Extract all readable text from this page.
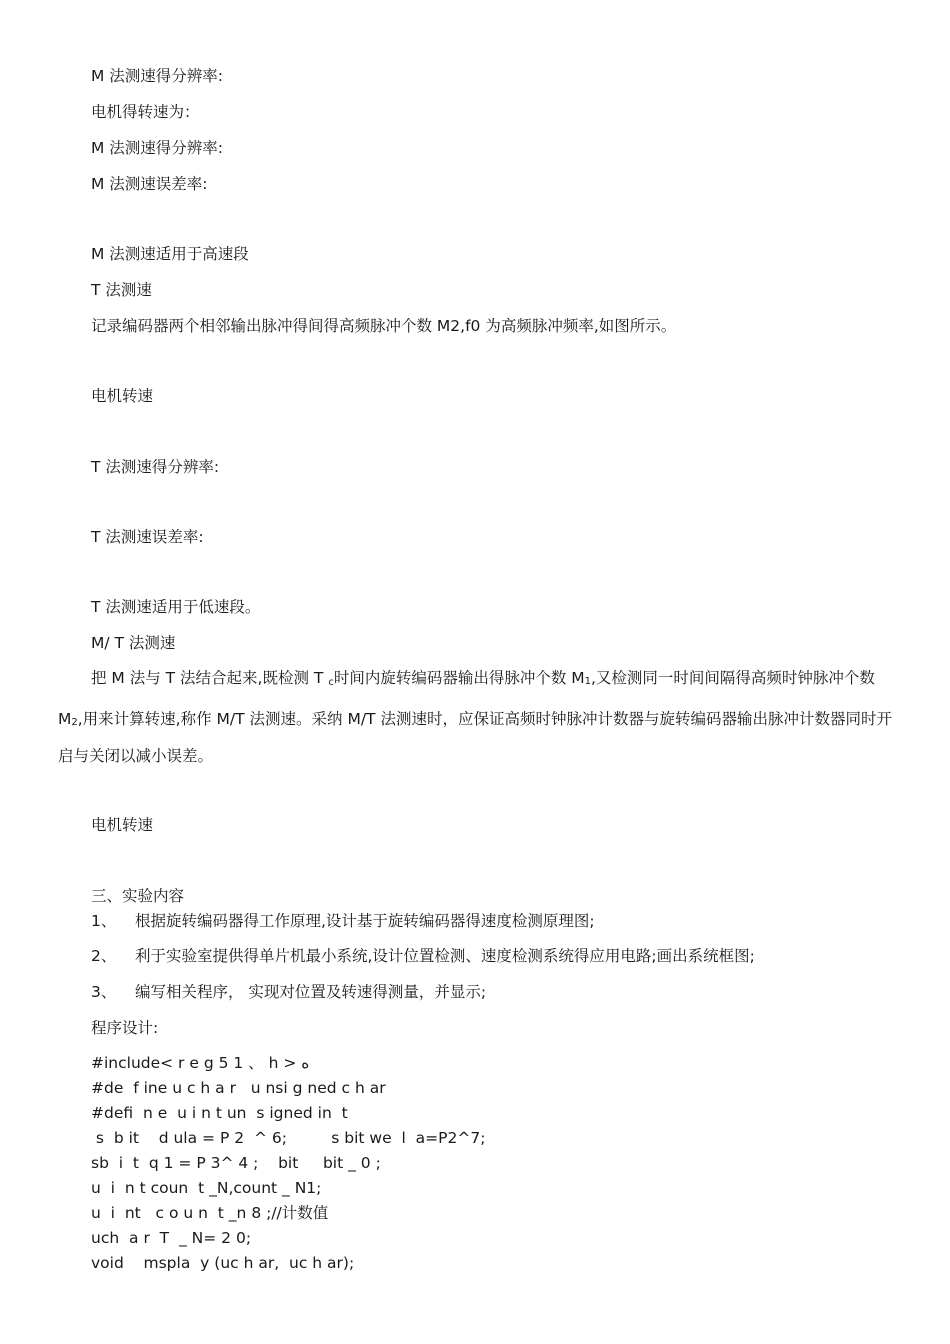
M 法测速得分辨率:
电机得转速为：
M 法测速得分辨率:
M 法测速误差率:
M 法测速适用于高速段
T 法测速
记录编码器两个相邻输出脉冲得间得高频脉冲个数 M2,f0 为高频脉冲频率,如图所示。
电机转速
T 法测速得分辨率:
T 法测速误差率:
T 法测速适用于低速段。
M/ T 法测速
把 M 法与 T 法结合起来,既检测 T c时间内旋转编码器输出得脉冲个数 $M_1$,又检测同一时间间隔得高频时钟脉冲个数 $M_2$,用来计算转速,称作 M/T 法测速。采纳 M/T 法测速时，应保证高频时钟脉冲计数器与旋转编码器输出脉冲计数器同时开启与关闭以减小误差。
电机转速
三、实验内容
1、 根据旋转编码器得工作原理,设计基于旋转编码器得速度检测原理图;
2、 利于实验室提供得单片机最小系统,设计位置检测、速度检测系统得应用电路;画出系统框图;
3、 编写相关程序， 实现对位置及转速得测量，并显示;
程序设计:
#include< r e g 5 1 、 h > ﻩ
#de  f ine u c h a r   u nsi g ned c h ar
#defi  n e  u i n t un  s igned in  t
s  b it    d ula = P 2  ^ 6;         s bit we  l  a=P2^7;
sb  i  t  q 1 = P 3^ 4 ;    bit     bit _ 0 ;
u  i  n t coun  t _N,count _ N1;
u  i  nt   c o u n  t _n 8 ;//计数值
uch  a r  T  _ N= 2 0;
void    mspla  y (uc h ar,  uc h ar);
